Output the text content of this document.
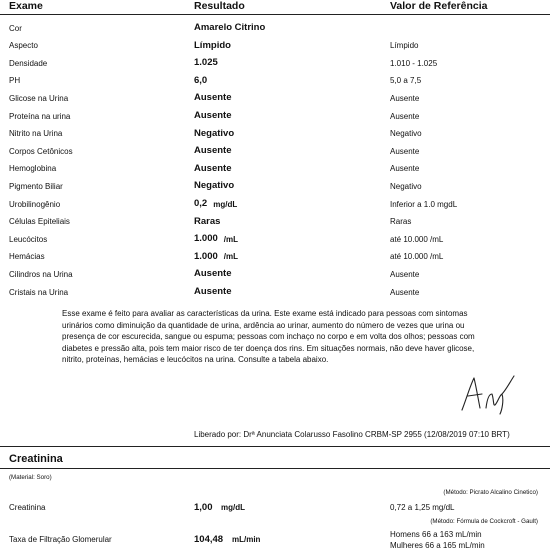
Exame	Resultado	Valor de Referência
Cor	Amarelo Citrino
Aspecto	Límpido	Límpido
Densidade	1.025	1.010 - 1.025
PH	6,0	5,0 a 7,5
Glicose na Urina	Ausente	Ausente
Proteína na urina	Ausente	Ausente
Nitrito na Urina	Negativo	Negativo
Corpos Cetônicos	Ausente	Ausente
Hemoglobina	Ausente	Ausente
Pigmento Biliar	Negativo	Negativo
Urobilinogênio	0,2 mg/dL	Inferior a 1.0 mgdL
Células Epiteliais	Raras	Raras
Leucócitos	1.000 /mL	até 10.000 /mL
Hemácias	1.000 /mL	até 10.000 /mL
Cilindros na Urina	Ausente	Ausente
Cristais na Urina	Ausente	Ausente
Esse exame é feito para avaliar as características da urina. Este exame está indicado para pessoas com sintomas urinários como diminuição da quantidade de urina, ardência ao urinar, aumento do número de vezes que urina ou presença de cor escurecida, sangue ou espuma; pessoas com inchaço no corpo e em volta dos olhos; pessoas com diabetes e pressão alta, pois tem maior risco de ter doença dos rins. Em situações normais, não deve haver glicose, nitrito, proteínas, hemácias e leucócitos na urina. Consulte a tabela abaixo.
Liberado por: Drª Anunciata Colarusso Fasolino CRBM-SP 2955 (12/08/2019 07:10 BRT)
Creatinina
(Material: Soro)
(Método: Picrato Alcalino Cinetico)
Creatinina	1,00 mg/dL	0,72 a 1,25 mg/dL
(Método: Fórmula de Cockcroft - Gault)
Taxa de Filtração Glomerular	104,48 mL/min
Homens 66 a 163 mL/min
Mulheres 66 a 165 mL/min
